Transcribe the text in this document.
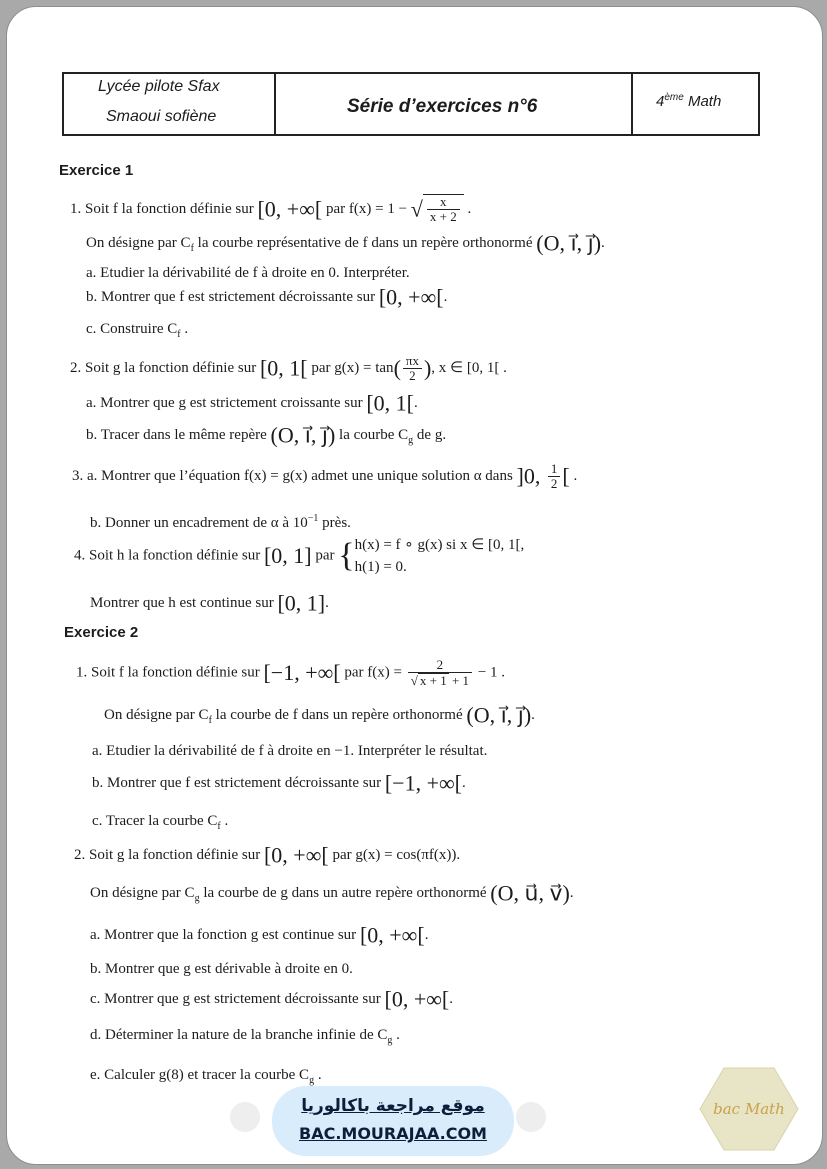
Lycée pilote Sfax
Smaoui sofiène	Série d’exercices n°6	4ème Math
Exercice 1
1. Soit f la fonction définie sur [0, +∞[ par f(x) = 1 − √ $\frac{x}{x + 2}$ .
On désigne par $C_f$ la courbe représentative de f dans un repère orthonormé (O, i⃗, j⃗).
a. Etudier la dérivabilité de f à droite en 0. Interpréter.
b. Montrer que f est strictement décroissante sur [0, +∞[.
c. Construire $C_f$ .
2. Soit g la fonction définie sur [0, 1[ par $g(x) = \tan( \frac{\pi x}{2}$ ), x ∈ [0, 1[ .
a. Montrer que g est strictement croissante sur [0, 1[.
b. Tracer dans le même repère (O, i⃗, j⃗) la courbe $C_g$ de g.
3. a. Montrer que l’équation f(x) = g(x) admet une unique solution α dans ]0, $\frac{1}{2}$ [ .
b. Donner un encadrement de α à $10^{-1}$ près.
4. Soit h la fonction définie sur [0, 1] par { h(x) = f ∘ g(x) si x ∈ [0, 1[,
h(1) = 0.
Montrer que h est continue sur [0, 1].
Exercice 2
1. Soit f la fonction définie sur [−1, +∞[ par $f(x) = \frac{2}{√ x + 1 + 1} - 1$ .
On désigne par $C_f$ la courbe de f dans un repère orthonormé (O, i⃗, j⃗).
a. Etudier la dérivabilité de f à droite en −1. Interpréter le résultat.
b. Montrer que f est strictement décroissante sur [−1, +∞[.
c. Tracer la courbe $C_f$ .
2. Soit g la fonction définie sur [0, +∞[ par g(x) = cos(πf(x)).
On désigne par $C_g$ la courbe de g dans un autre repère orthonormé (O, u⃗, v⃗).
a. Montrer que la fonction g est continue sur [0, +∞[.
b. Montrer que g est dérivable à droite en 0.
c. Montrer que g est strictement décroissante sur [0, +∞[.
d. Déterminer la nature de la branche infinie de $C_g$ .
e. Calculer g(8) et tracer la courbe $C_g$ .
موقع مراجعة باكالوريا
BAC.MOURAJAA.COM
bac Math
